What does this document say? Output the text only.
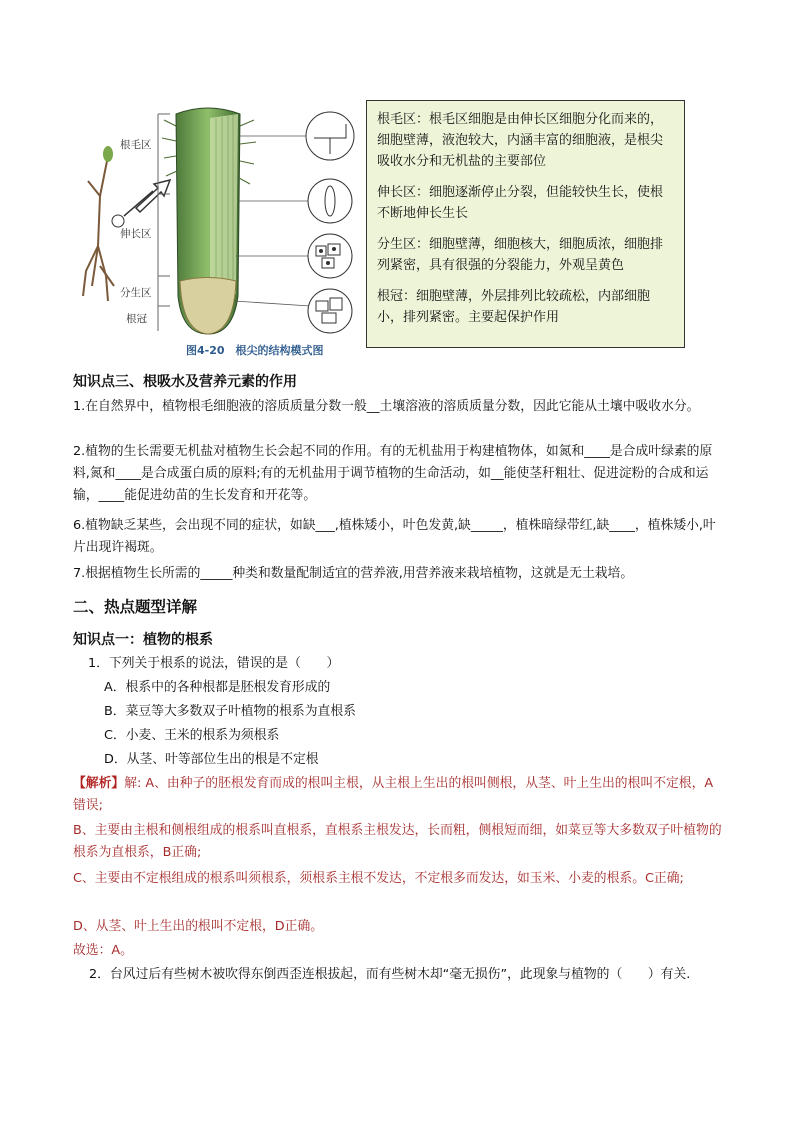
根毛区
伸长区
分生区
根冠
图4-20　根尖的结构模式图

根毛区：根毛区细胞是由伸长区细胞分化而来的，细胞壁薄，液泡较大，内涵丰富的细胞液，是根尖吸收水分和无机盐的主要部位

伸长区：细胞逐渐停止分裂，但能较快生长，使根不断地伸长生长

分生区：细胞壁薄，细胞核大，细胞质浓，细胞排列紧密，具有很强的分裂能力，外观呈黄色

根冠：细胞壁薄，外层排列比较疏松，内部细胞小，排列紧密。主要起保护作用

知识点三、根吸水及营养元素的作用
1.在自然界中，植物根毛细胞液的溶质质量分数一般__土壤溶液的溶质质量分数，因此它能从土壤中吸收水分。
2.植物的生长需要无机盐对植物生长会起不同的作用。有的无机盐用于构建植物体，如氮和____是合成叶绿素的原料,氮和____是合成蛋白质的原料;有的无机盐用于调节植物的生命活动，如__能使茎秆粗壮、促进淀粉的合成和运输，____能促进幼苗的生长发育和开花等。
6.植物缺乏某些，会出现不同的症状，如缺___,植株矮小，叶色发黄,缺_____，植株暗绿带红,缺____，植株矮小,叶片出现许褐斑。
7.根据植物生长所需的_____种类和数量配制适宜的营养液,用营养液来栽培植物，这就是无土栽培。
二、热点题型详解
知识点一：植物的根系
1．下列关于根系的说法，错误的是（　　）
A．根系中的各种根都是胚根发育形成的
B．菜豆等大多数双子叶植物的根系为直根系
C．小麦、王米的根系为须根系
D．从茎、叶等部位生出的根是不定根
【解析】解: A、由种子的胚根发育而成的根叫主根，从主根上生出的根叫侧根，从茎、叶上生出的根叫不定根，A错误;
B、主要由主根和侧根组成的根系叫直根系，直根系主根发达，长而粗，侧根短而细，如菜豆等大多数双子叶植物的根系为直根系，B正确;
C、主要由不定根组成的根系叫须根系，须根系主根不发达，不定根多而发达，如玉米、小麦的根系。C正确;
D、从茎、叶上生出的根叫不定根，D正确。
故选：A。
2．台风过后有些树木被吹得东倒西歪连根拔起，而有些树木却“毫无损伤”，此现象与植物的（　　）有关.
